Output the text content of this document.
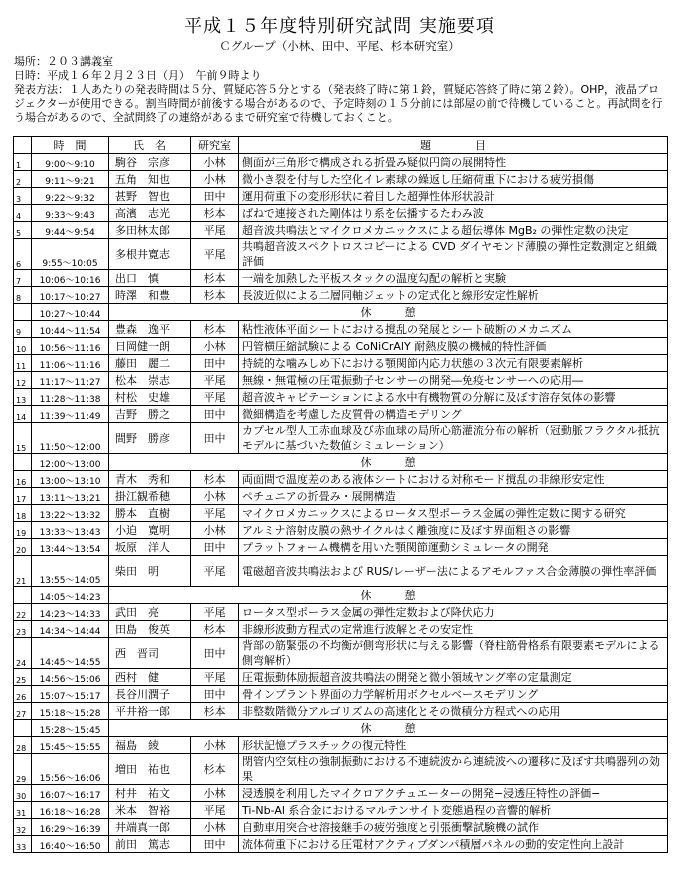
平成１５年度特別研究試問 実施要項
Ｃグループ（小林、田中、平尾、杉本研究室）
場所：２０３講義室
日時：平成１６年２月２３日（月）　午前９時より
発表方法：１人あたりの発表時間は５分、質疑応答５分とする（発表終了時に第１鈴，質疑応答終了時に第２鈴）。OHP，液晶プロジェクターが使用できる。割当時間が前後する場合があるので、予定時刻の１５分前には部屋の前で待機していること。再試問を行う場合があるので、全試問終了の連絡があるまで研究室で待機しておくこと。
	時　間	氏　名	研究室	題　　　　目
1	9:00～9:10	駒谷　宗彦	小林	側面が三角形で構成される折畳み疑似円筒の展開特性
2	9:11～9:21	五角　知也	小林	微小き裂を付与した空化イレ素球の繰返し圧縮荷重下における疲労損傷
3	9:22～9:32	甚野　智也	田中	運用荷重下の変形形状に着目した超弾性体形状設計
4	9:33～9:43	高濱　志光	杉本	ばねで連接された剛体はり系を伝播するたわみ波
5	9:44～9:54	多田林太郎	平尾	超音波共鳴法とマイクロメカニックスによる超伝導体 MgB₂ の弾性定数の決定
6	9:55～10:05	多根井寛志	平尾	共鳴超音波スペクトロスコピーによる CVD ダイヤモンド薄膜の弾性定数測定と組織評価
7	10:06～10:16	出口　慎	杉本	一端を加熱した平板スタックの温度勾配の解析と実験
8	10:17～10:27	時澤　和豊	杉本	長波近似による二層同軸ジェットの定式化と線形安定性解析
	10:27～10:44	休　　　憩		
9	10:44～11:54	豊森　逸平	杉本	粘性液体平面シートにおける撹乱の発展とシート破断のメカニズム
10	10:56～11:16	日岡健一朗	小林	円管横圧縮試験による CoNiCrAlY 耐熱皮膜の機械的特性評価
11	11:06～11:16	藤田　麗二	田中	持続的な噛みしめ下における顎関節内応力状態の３次元有限要素解析
12	11:17～11:27	松本　崇志	平尾	無線・無電極の圧電振動子センサーの開発―免疫センサーへの応用―
13	11:28～11:38	村松　史雄	平尾	超音波キャビテーションによる水中有機物質の分解に及ぼす溶存気体の影響
14	11:39～11:49	吉野　勝之	田中	微細構造を考慮した皮質骨の構造モデリング
15	11:50～12:00	間野　勝彦	田中	カプセル型人工赤血球及び赤血球の局所心筋灌流分布の解析（冠動脈フラクタル抵抗モデルに基づいた数値シミュレーション）
	12:00～13:00	休　　　憩		
16	13:00～13:10	青木　秀和	杉本	両面間で温度差のある液体シートにおける対称モード撹乱の非線形安定性
17	13:11～13:21	掛江観希穂	小林	ペチュニアの折畳み・展開構造
18	13:22～13:32	勝本　直樹	平尾	マイクロメカニックスによるロータス型ポーラス金属の弾性定数に関する研究
19	13:33～13:43	小迫　寛明	小林	アルミナ溶射皮膜の熱サイクルはく離強度に及ぼす界面粗さの影響
20	13:44～13:54	坂原　洋人	田中	プラットフォーム機構を用いた顎関節運動シミュレータの開発
21	13:55～14:05	柴田　明	平尾	電磁超音波共鳴法および RUS/レーザー法によるアモルファス合金薄膜の弾性率評価
	14:05～14:23	休　　　憩		
22	14:23～14:33	武田　亮	平尾	ロータス型ポーラス金属の弾性定数および降伏応力
23	14:34～14:44	田島　俊英	杉本	非線形波動方程式の定常進行波解とその安定性
24	14:45～14:55	西　晋司	田中	背部の筋緊張の不均衡が側弯形状に与える影響（脊柱筋骨格系有限要素モデルによる側弯解析）
25	14:56～15:06	西村　健	平尾	圧電振動体励振超音波共鳴法の開発と微小領域ヤング率の定量測定
26	15:07～15:17	長谷川潤子	田中	骨インプラント界面の力学解析用ボクセルベースモデリング
27	15:18～15:28	平井裕一郎	杉本	非整数階微分アルゴリズムの高速化とその微積分方程式への応用
	15:28～15:45	休　　　憩		
28	15:45～15:55	福島　綾	小林	形状記憶プラスチックの復元特性
29	15:56～16:06	増田　祐也	杉本	閉管内空気柱の強制振動における不連続波から連続波への遷移に及ぼす共鳴器列の効果
30	16:07～16:17	村井　祐文	小林	浸透膜を利用したマイクロアクチュエーターの開発−浸透圧特性の評価−
31	16:18～16:28	米本　智裕	平尾	Ti-Nb-Al 系合金におけるマルテンサイト変態過程の音響的解析
32	16:29～16:39	井端真一郎	小林	自動車用突合せ溶接継手の疲労強度と引張衝撃試験機の試作
33	16:40～16:50	前田　篤志	田中	流体荷重下における圧電材アクティブダンパ積層パネルの動的安定性向上設計
